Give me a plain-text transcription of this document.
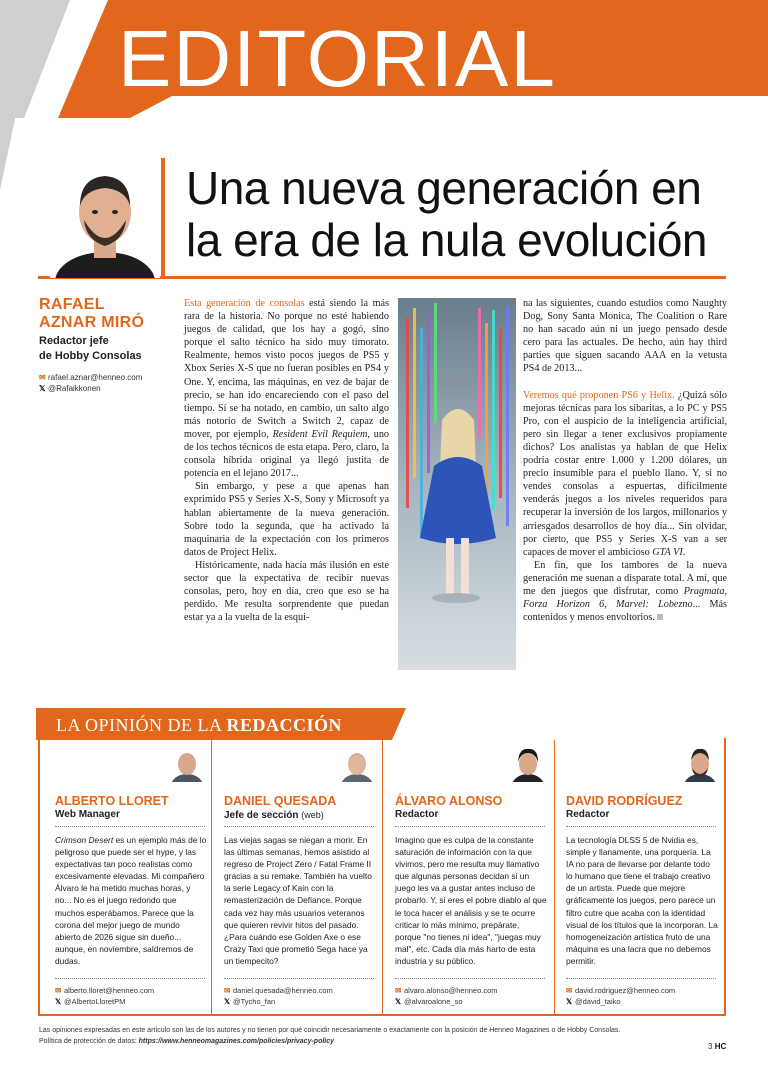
EDITORIAL
Una nueva generación en
la era de la nula evolución
RAFAEL
AZNAR MIRÓ
Redactor jefe
de Hobby Consolas
✉ rafael.aznar@henneo.com
𝕏 @Rafaikkonen

Esta generación de consolas está siendo la más rara de la historia. No porque no esté habiendo juegos de calidad, que los hay a gogó, sino porque el salto técnico ha sido muy timorato. Realmente, hemos visto pocos juegos de PS5 y Xbox Series X-S que no fueran posibles en PS4 y One. Y, encima, las máquinas, en vez de bajar de precio, se han ido encareciendo con el paso del tiempo. Sí se ha notado, en cambio, un salto algo más notorio de Switch a Switch 2, capaz de mover, por ejemplo, Resident Evil Requiem, uno de los techos técnicos de esta etapa. Pero, claro, la consola híbrida original ya llegó justita de potencia en el lejano 2017...

Sin embargo, y pese a que apenas han exprimido PS5 y Series X-S, Sony y Microsoft ya hablan abiertamente de la nueva generación. Sobre todo la segunda, que ha activado la maquinaria de la expectación con los primeros datos de Project Helix.

Históricamente, nada hacía más ilusión en este sector que la expectativa de recibir nuevas consolas, pero, hoy en día, creo que eso se ha perdido. Me resulta sorprendente que puedan estar ya a la vuelta de la esqui-

na las siguientes, cuando estudios como Naughty Dog, Sony Santa Monica, The Coalition o Rare no han sacado aún ni un juego pensado desde cero para las actuales. De hecho, aún hay third parties que siguen sacando AAA en la vetusta PS4 de 2013...

Veremos qué proponen PS6 y Helix. ¿Quizá sólo mejoras técnicas para los sibaritas, a lo PC y PS5 Pro, con el auspicio de la inteligencia artificial, pero sin llegar a tener exclusivos propiamente dichos? Los analistas ya hablan de que Helix podría costar entre 1.000 y 1.200 dólares, un precio insumible para el pueblo llano. Y, si no vendes consolas a espuertas, difícilmente venderás juegos a los niveles requeridos para recuperar la inversión de los largos, millonarios y arriesgados desarrollos de hoy día... Sin olvidar, por cierto, que PS5 y Series X-S van a ser capaces de mover el ambicioso GTA VI.

En fin, que los tambores de la nueva generación me suenan a disparate total. A mí, que me den juegos que disfrutar, como Pragmata, Forza Horizon 6, Marvel: Lobezno... Más contenidos y menos envoltorios.

LA OPINIÓN DE LA REDACCIÓN
ALBERTO LLORET
Web Manager
Crimson Desert es un ejemplo más de lo peligroso que puede ser el hype, y las expectativas tan poco realistas como excesivamente elevadas. Mi compañero Álvaro le ha metido muchas horas, y no... No es el juego redondo que muchos esperábamos. Parece que la corona del mejor juego de mundo abierto de 2026 sigue sin dueño... aunque, en noviembre, saldremos de dudas.
✉ alberto.lloret@henneo.com
𝕏 @AlbertoLloretPM
DANIEL QUESADA
Jefe de sección (web)
Las viejas sagas se niegan a morir. En las últimas semanas, hemos asistido al regreso de Project Zero / Fatal Frame II gracias a su remake. También ha vuelto la serie Legacy of Kain con la remasterización de Defiance. Porque cada vez hay más usuarios veteranos que quieren revivir hitos del pasado. ¿Para cuándo ese Golden Axe o ese Crazy Taxi que prometió Sega hace ya un tiempecito?
✉ daniel.quesada@henneo.com
𝕏 @Tycho_fan
ÁLVARO ALONSO
Redactor
Imagino que es culpa de la constante saturación de información con la que vivimos, pero me resulta muy llamativo que algunas personas decidan si un juego les va a gustar antes incluso de probarlo. Y, si eres el pobre diablo al que le toca hacer el análisis y se te ocurre criticar lo más mínimo, prepárate, porque "no tienes ni idea", "juegas muy mal", etc. Cada día más harto de esta industria y su público.
✉ alvaro.alonso@henneo.com
𝕏 @alvaroalone_so
DAVID RODRÍGUEZ
Redactor
La tecnología DLSS 5 de Nvidia es, simple y llanamente, una porquería. La IA no para de llevarse por delante todo lo humano que tiene el trabajo creativo de un artista. Puede que mejore gráficamente los juegos, pero parece un filtro cutre que acaba con la identidad visual de los títulos que la incorporan. La homogeneización artística fruto de una máquina es una lacra que no debemos permitir.
✉ david.rodriguez@henneo.com
𝕏 @david_taiko
Las opiniones expresadas en este artículo son las de los autores y no tienen por qué coincidir necesariamente o exactamente con la posición de Henneo Magazines o de Hobby Consolas.
Política de protección de datos: https://www.henneomagazines.com/policies/privacy-policy
3 HC
